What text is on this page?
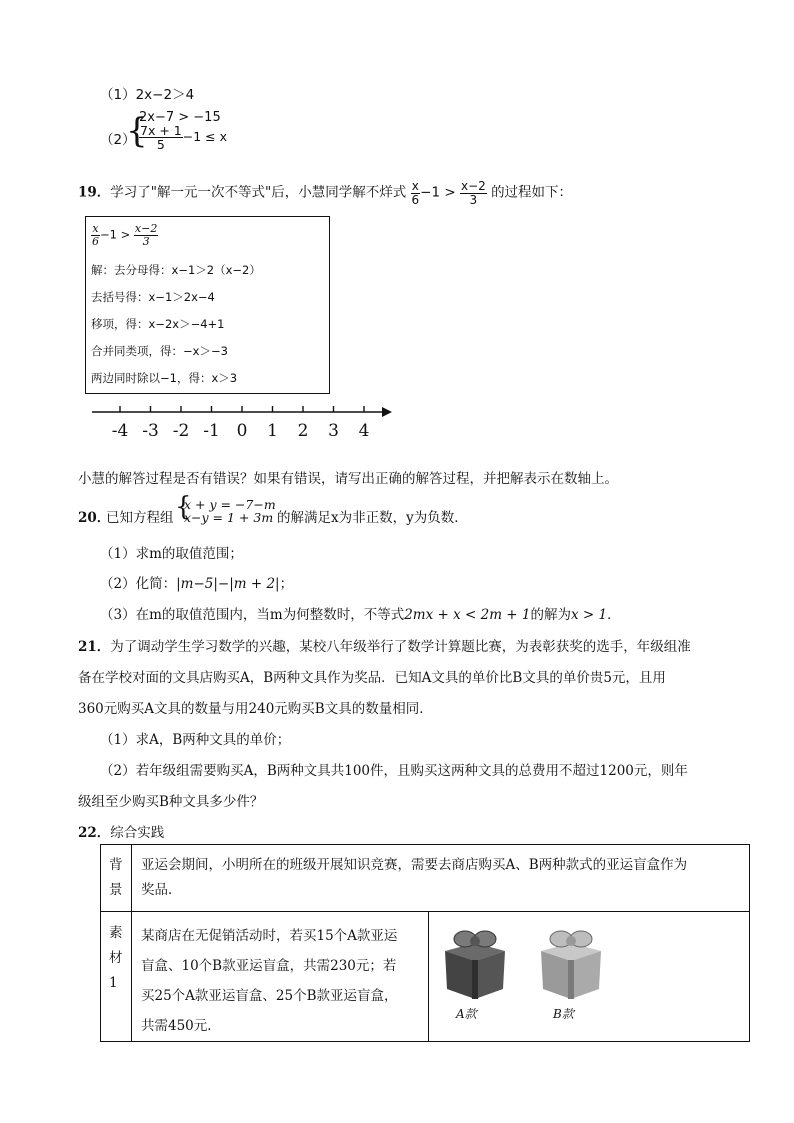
（1）2x−2＞4
（2）
{
2x−7 > −15
$\frac{7x + 1}{5} -1 \le x$
19．学习了"解一元一次不等式"后，小慧同学解不烊式 $\frac{x}{6} -1 > \frac{x-2}{3}$ 的过程如下：
$\frac{x}{6} -1 > \frac{x-2}{3}$
解：去分母得：x−1＞2（x−2）
去括号得：x−1＞2x−4
移项，得：x−2x＞−4+1
合并同类项，得：−x＞−3
两边同时除以−1，得：x＞3
-4 -3 -2 -1 0 1 2 3 4
小慧的解答过程是否有错误？如果有错误，请写出正确的解答过程，并把解表示在数轴上。
20．
已知方程组 {
x + y = −7−m
x−y = 1 + 3m 的解满足x为非正数，y为负数．
（1）求m的取值范围；
（2）化简：|m−5|−|m + 2|；
（3）在m的取值范围内，当m为何整数时，不等式2mx + x < 2m + 1的解为x > 1．
21．为了调动学生学习数学的兴趣，某校八年级举行了数学计算题比赛，为表彰获奖的选手，年级组准
备在学校对面的文具店购买A，B两种文具作为奖品．已知A文具的单价比B文具的单价贵5元，且用
360元购买A文具的数量与用240元购买B文具的数量相同．
（1）求A，B两种文具的单价；
（2）若年级组需要购买A，B两种文具共100件，且购买这两种文具的总费用不超过1200元，则年
级组至少购买B种文具多少件？
22．综合实践
背
景
亚运会期间，小明所在的班级开展知识竞赛，需要去商店购买A、B两种款式的亚运盲盒作为
奖品．
素
材
1
某商店在无促销活动时，若买15个A款亚运
盲盒、10个B款亚运盲盒，共需230元；若
买25个A款亚运盲盒、25个B款亚运盲盒，
共需450元．
A款	B款
